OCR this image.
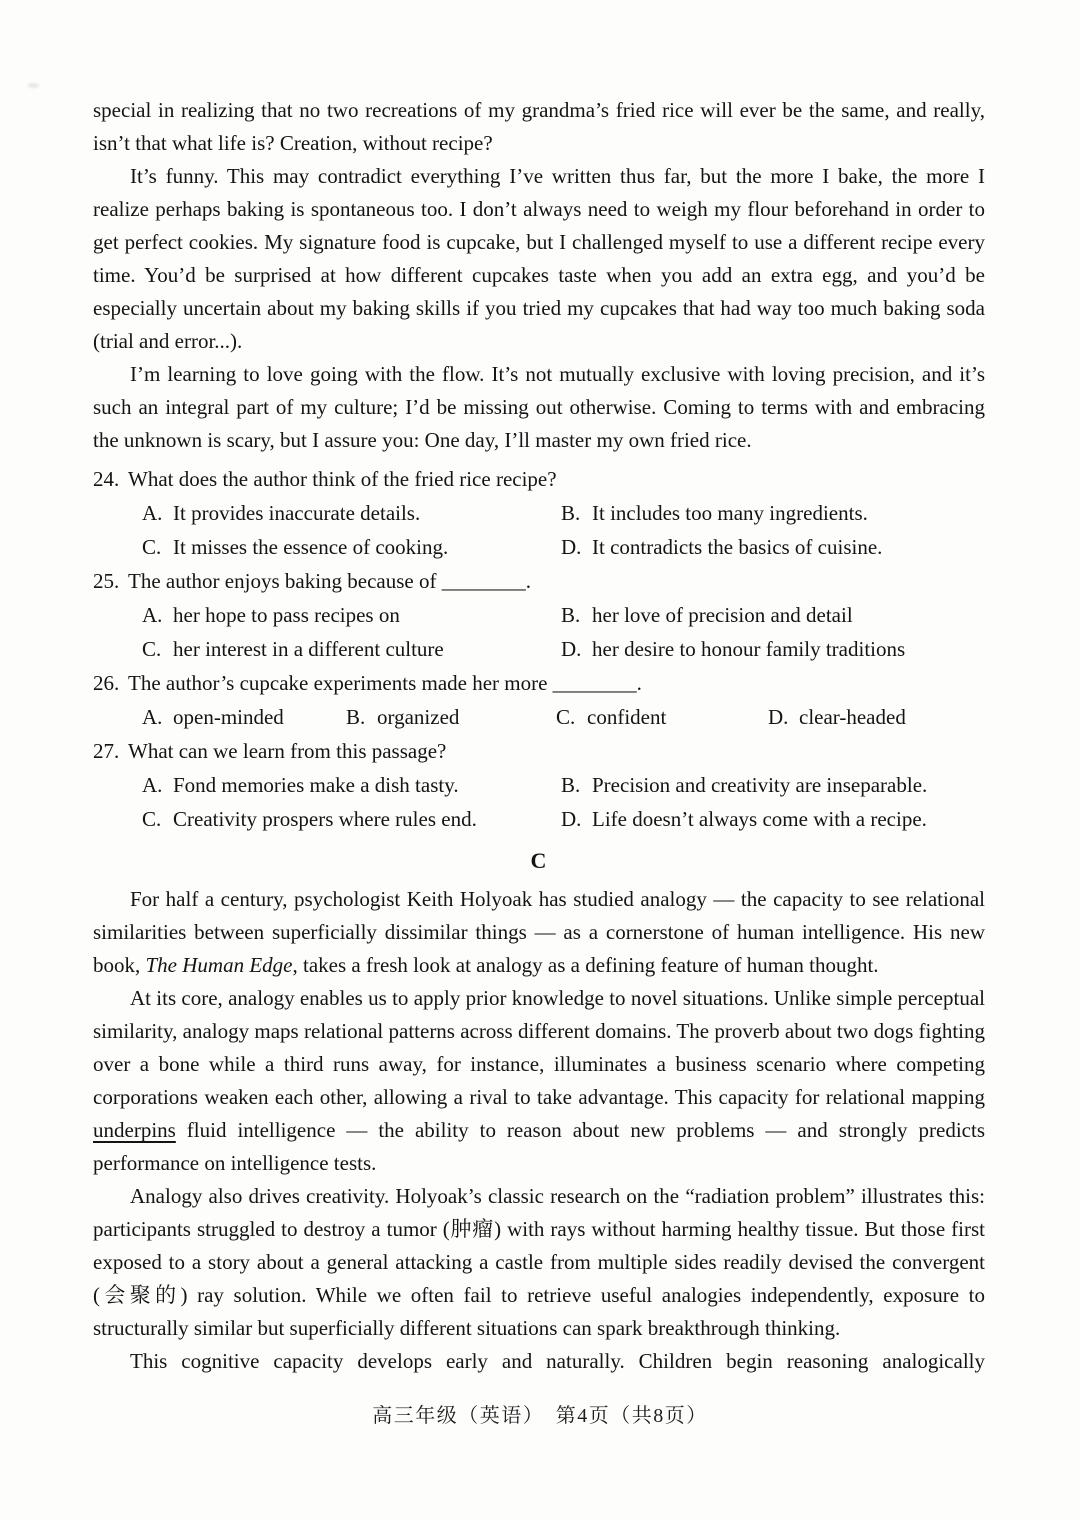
special in realizing that no two recreations of my grandma’s fried rice will ever be the same, and really, isn’t that what life is? Creation, without recipe?

It’s funny. This may contradict everything I’ve written thus far, but the more I bake, the more I realize perhaps baking is spontaneous too. I don’t always need to weigh my flour beforehand in order to get perfect cookies. My signature food is cupcake, but I challenged myself to use a different recipe every time. You’d be surprised at how different cupcakes taste when you add an extra egg, and you’d be especially uncertain about my baking skills if you tried my cupcakes that had way too much baking soda (trial and error...).

I’m learning to love going with the flow. It’s not mutually exclusive with loving precision, and it’s such an integral part of my culture; I’d be missing out otherwise. Coming to terms with and embracing the unknown is scary, but I assure you: One day, I’ll master my own fried rice.

24. What does the author think of the fried rice recipe?
A. It provides inaccurate details.	B. It includes too many ingredients.
C. It misses the essence of cooking.	D. It contradicts the basics of cuisine.
25. The author enjoys baking because of ________.
A. her hope to pass recipes on	B. her love of precision and detail
C. her interest in a different culture	D. her desire to honour family traditions
26. The author’s cupcake experiments made her more ________.
A. open-minded	B. organized	C. confident	D. clear-headed
27. What can we learn from this passage?
A. Fond memories make a dish tasty.	B. Precision and creativity are inseparable.
C. Creativity prospers where rules end.	D. Life doesn’t always come with a recipe.
C

For half a century, psychologist Keith Holyoak has studied analogy — the capacity to see relational similarities between superficially dissimilar things — as a cornerstone of human intelligence. His new book, The Human Edge, takes a fresh look at analogy as a defining feature of human thought.

At its core, analogy enables us to apply prior knowledge to novel situations. Unlike simple perceptual similarity, analogy maps relational patterns across different domains. The proverb about two dogs fighting over a bone while a third runs away, for instance, illuminates a business scenario where competing corporations weaken each other, allowing a rival to take advantage. This capacity for relational mapping underpins fluid intelligence — the ability to reason about new problems — and strongly predicts performance on intelligence tests.

Analogy also drives creativity. Holyoak’s classic research on the “radiation problem” illustrates this: participants struggled to destroy a tumor (肿瘤) with rays without harming healthy tissue. But those first exposed to a story about a general attacking a castle from multiple sides readily devised the convergent (会聚的) ray solution. While we often fail to retrieve useful analogies independently, exposure to structurally similar but superficially different situations can spark breakthrough thinking.

This cognitive capacity develops early and naturally. Children begin reasoning analogically

高三年级（英语）　第4页（共8页）
